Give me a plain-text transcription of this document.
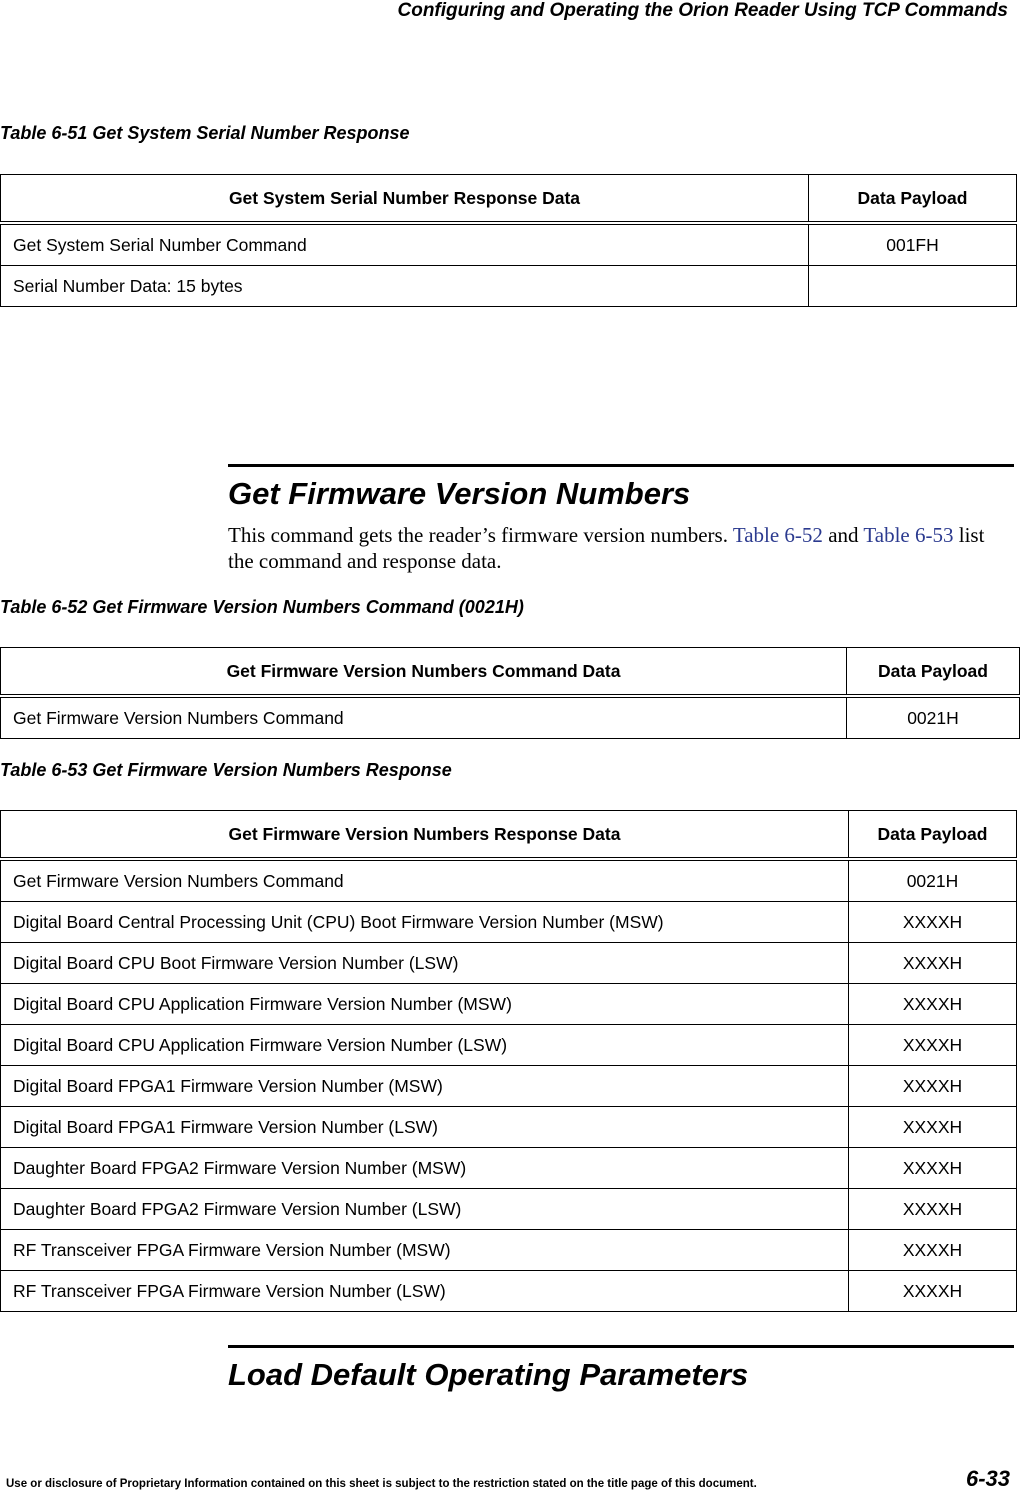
Configuring and Operating the Orion Reader Using TCP Commands
Table 6-51 Get System Serial Number Response
Get System Serial Number Response Data	Data Payload
Get System Serial Number Command	001FH
Serial Number Data: 15 bytes	
Get Firmware Version Numbers
This command gets the reader’s firmware version numbers. Table 6-52 and Table 6-53 list the command and response data.
Table 6-52 Get Firmware Version Numbers Command (0021H)
Get Firmware Version Numbers Command Data	Data Payload
Get Firmware Version Numbers Command	0021H
Table 6-53 Get Firmware Version Numbers Response
Get Firmware Version Numbers Response Data	Data Payload
Get Firmware Version Numbers Command	0021H
Digital Board Central Processing Unit (CPU) Boot Firmware Version Number (MSW)	XXXXH
Digital Board CPU Boot Firmware Version Number (LSW)	XXXXH
Digital Board CPU Application Firmware Version Number (MSW)	XXXXH
Digital Board CPU Application Firmware Version Number (LSW)	XXXXH
Digital Board FPGA1 Firmware Version Number (MSW)	XXXXH
Digital Board FPGA1 Firmware Version Number (LSW)	XXXXH
Daughter Board FPGA2 Firmware Version Number (MSW)	XXXXH
Daughter Board FPGA2 Firmware Version Number (LSW)	XXXXH
RF Transceiver FPGA Firmware Version Number (MSW)	XXXXH
RF Transceiver FPGA Firmware Version Number (LSW)	XXXXH
Load Default Operating Parameters
Use or disclosure of Proprietary Information contained on this sheet is subject to the restriction stated on the title page of this document.	6-33
